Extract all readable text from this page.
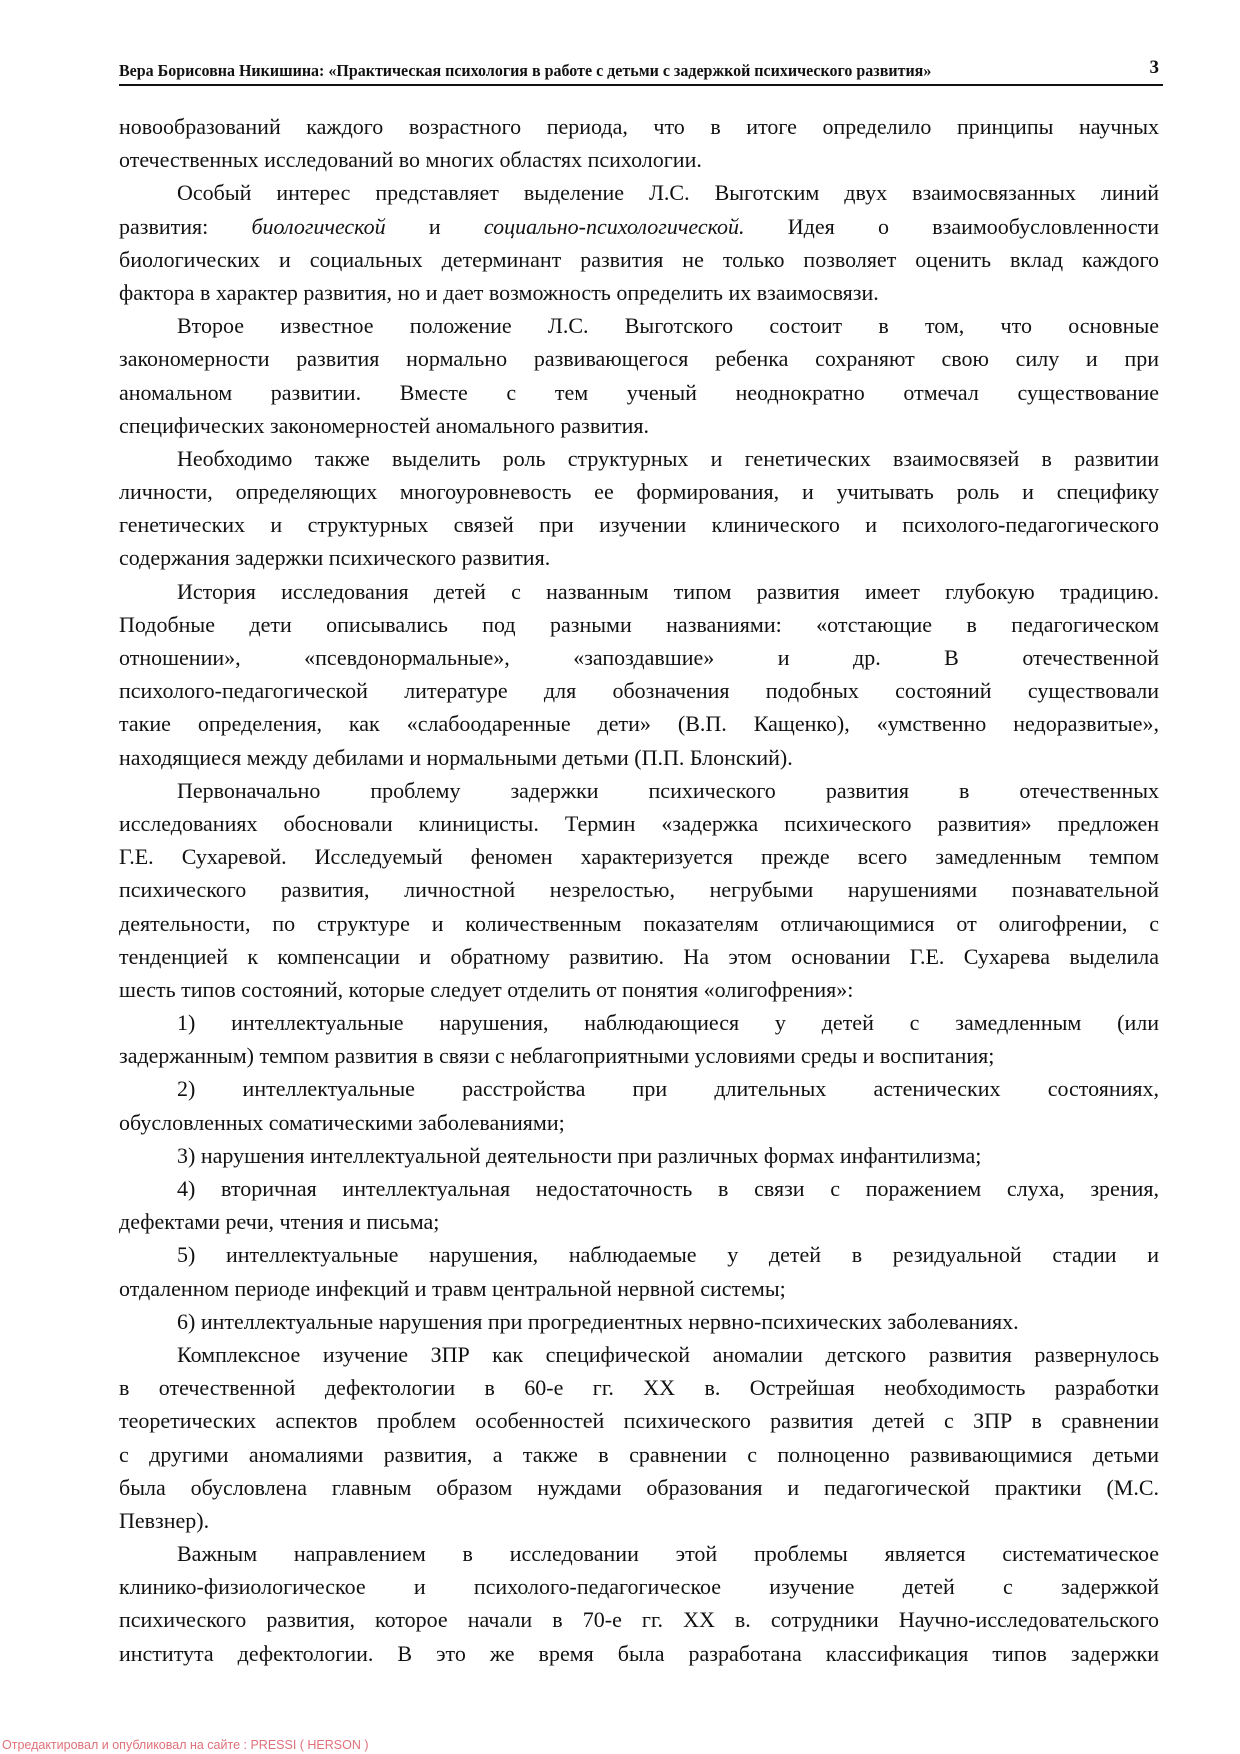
Вера Борисовна Никишина: «Практическая психология в работе с детьми с задержкой психического развития»	3
новообразований каждого возрастного периода, что в итоге определило принципы научных
отечественных исследований во многих областях психологии.
Особый интерес представляет выделение Л.С. Выготским двух взаимосвязанных линий
развития: биологической и социально-психологической. Идея о взаимообусловленности
биологических и социальных детерминант развития не только позволяет оценить вклад каждого
фактора в характер развития, но и дает возможность определить их взаимосвязи.
Второе известное положение Л.С. Выготского состоит в том, что основные
закономерности развития нормально развивающегося ребенка сохраняют свою силу и при
аномальном развитии. Вместе с тем ученый неоднократно отмечал существование
специфических закономерностей аномального развития.
Необходимо также выделить роль структурных и генетических взаимосвязей в развитии
личности, определяющих многоуровневость ее формирования, и учитывать роль и специфику
генетических и структурных связей при изучении клинического и психолого-педагогического
содержания задержки психического развития.
История исследования детей с названным типом развития имеет глубокую традицию.
Подобные дети описывались под разными названиями: «отстающие в педагогическом
отношении», «псевдонормальные», «запоздавшие» и др. В отечественной
психолого-педагогической литературе для обозначения подобных состояний существовали
такие определения, как «слабоодаренные дети» (В.П. Кащенко), «умственно недоразвитые»,
находящиеся между дебилами и нормальными детьми (П.П. Блонский).
Первоначально проблему задержки психического развития в отечественных
исследованиях обосновали клиницисты. Термин «задержка психического развития» предложен
Г.Е. Сухаревой. Исследуемый феномен характеризуется прежде всего замедленным темпом
психического развития, личностной незрелостью, негрубыми нарушениями познавательной
деятельности, по структуре и количественным показателям отличающимися от олигофрении, с
тенденцией к компенсации и обратному развитию. На этом основании Г.Е. Сухарева выделила
шесть типов состояний, которые следует отделить от понятия «олигофрения»:
1) интеллектуальные нарушения, наблюдающиеся у детей с замедленным (или
задержанным) темпом развития в связи с неблагоприятными условиями среды и воспитания;
2) интеллектуальные расстройства при длительных астенических состояниях,
обусловленных соматическими заболеваниями;
3) нарушения интеллектуальной деятельности при различных формах инфантилизма;
4) вторичная интеллектуальная недостаточность в связи с поражением слуха, зрения,
дефектами речи, чтения и письма;
5) интеллектуальные нарушения, наблюдаемые у детей в резидуальной стадии и
отдаленном периоде инфекций и травм центральной нервной системы;
6) интеллектуальные нарушения при прогредиентных нервно-психических заболеваниях.
Комплексное изучение ЗПР как специфической аномалии детского развития развернулось
в отечественной дефектологии в 60-е гг. XX в. Острейшая необходимость разработки
теоретических аспектов проблем особенностей психического развития детей с ЗПР в сравнении
с другими аномалиями развития, а также в сравнении с полноценно развивающимися детьми
была обусловлена главным образом нуждами образования и педагогической практики (М.С.
Певзнер).
Важным направлением в исследовании этой проблемы является систематическое
клинико-физиологическое и психолого-педагогическое изучение детей с задержкой
психического развития, которое начали в 70-е гг. XX в. сотрудники Научно-исследовательского
института дефектологии. В это же время была разработана классификация типов задержки
Отредактировал и опубликовал на сайте : PRESSI ( HERSON )
